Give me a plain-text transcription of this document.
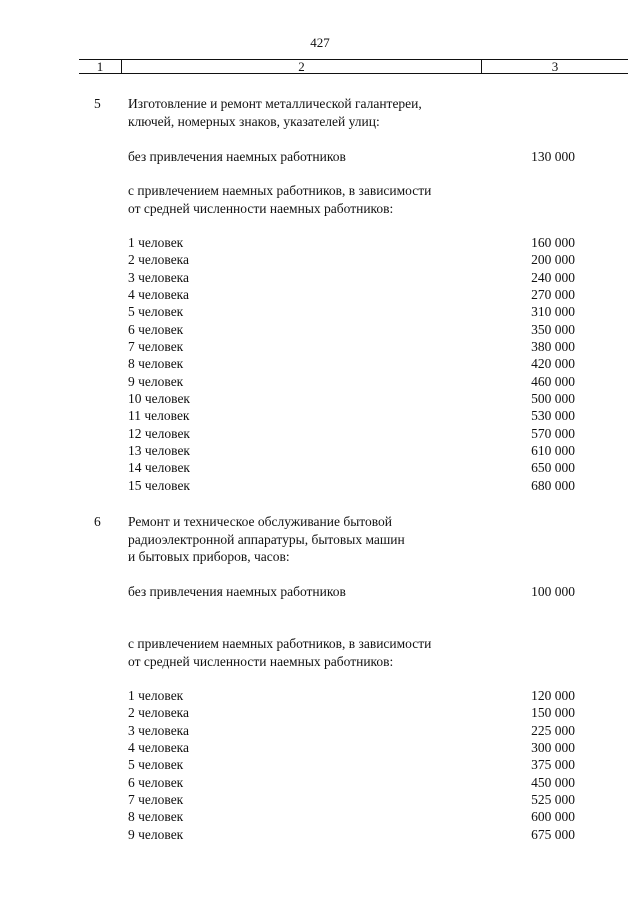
427
1	2	3
5 Изготовление и ремонт металлической галантереи,
ключей, номерных знаков, указателей улиц:
без привлечения наемных работников	130 000
с привлечением наемных работников, в зависимости
от средней численности наемных работников:
1 человек	160 000
2 человека	200 000
3 человека	240 000
4 человека	270 000
5 человек	310 000
6 человек	350 000
7 человек	380 000
8 человек	420 000
9 человек	460 000
10 человек	500 000
11 человек	530 000
12 человек	570 000
13 человек	610 000
14 человек	650 000
15 человек	680 000
6 Ремонт и техническое обслуживание бытовой
радиоэлектронной аппаратуры, бытовых машин
и бытовых приборов, часов:
без привлечения наемных работников	100 000
с привлечением наемных работников, в зависимости
от средней численности наемных работников:
1 человек	120 000
2 человека	150 000
3 человека	225 000
4 человека	300 000
5 человек	375 000
6 человек	450 000
7 человек	525 000
8 человек	600 000
9 человек	675 000
